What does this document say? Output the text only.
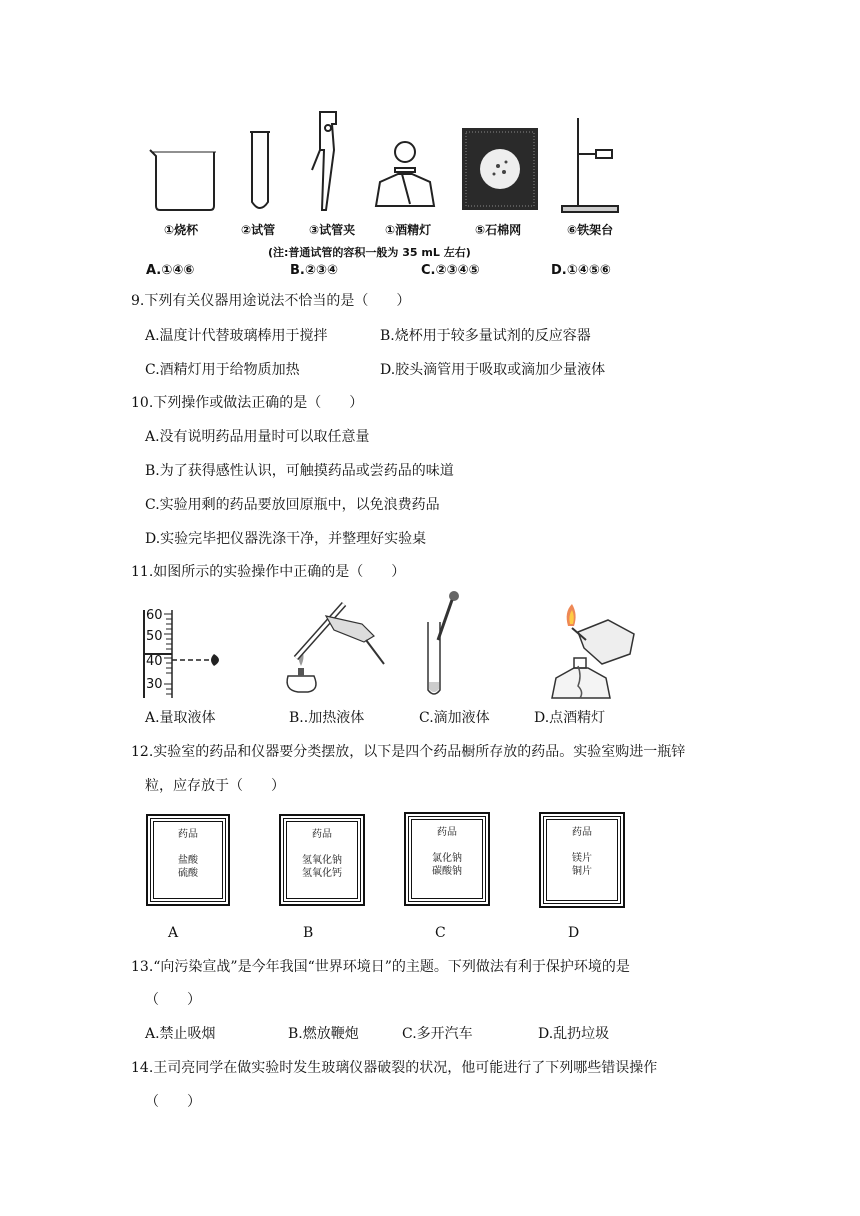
①烧杯	②试管	③试管夹 ①酒精灯	⑤石棉网	⑥铁架台
(注:普通试管的容积一般为 35 mL 左右)
A.①④⑥	B.②③④	C.②③④⑤	D.①④⑤⑥
9.下列有关仪器用途说法不恰当的是（　　）
A.温度计代替玻璃棒用于搅拌	B.烧杯用于较多量试剂的反应容器
C.酒精灯用于给物质加热	D.胶头滴管用于吸取或滴加少量液体
10.下列操作或做法正确的是（　　）
A.没有说明药品用量时可以取任意量
B.为了获得感性认识，可触摸药品或尝药品的味道
C.实验用剩的药品要放回原瓶中，以免浪费药品
D.实验完毕把仪器洗涤干净，并整理好实验桌
11.如图所示的实验操作中正确的是（　　）
60
50
40
30
A.量取液体	B..加热液体	C.滴加液体	D.点酒精灯
12.实验室的药品和仪器要分类摆放，以下是四个药品橱所存放的药品。实验室购进一瓶锌
粒，应存放于（　　）
药品
盐酸
硫酸
药品
氢氧化钠
氢氧化钙
药品
氯化钠
碳酸钠
药品
镁片
铜片
A	B	C	D
13.“向污染宣战”是今年我国“世界环境日”的主题。下列做法有利于保护环境的是
（　　）
A.禁止吸烟	B.燃放鞭炮	C.多开汽车	D.乱扔垃圾
14.王司亮同学在做实验时发生玻璃仪器破裂的状况，他可能进行了下列哪些错误操作
（　　）
